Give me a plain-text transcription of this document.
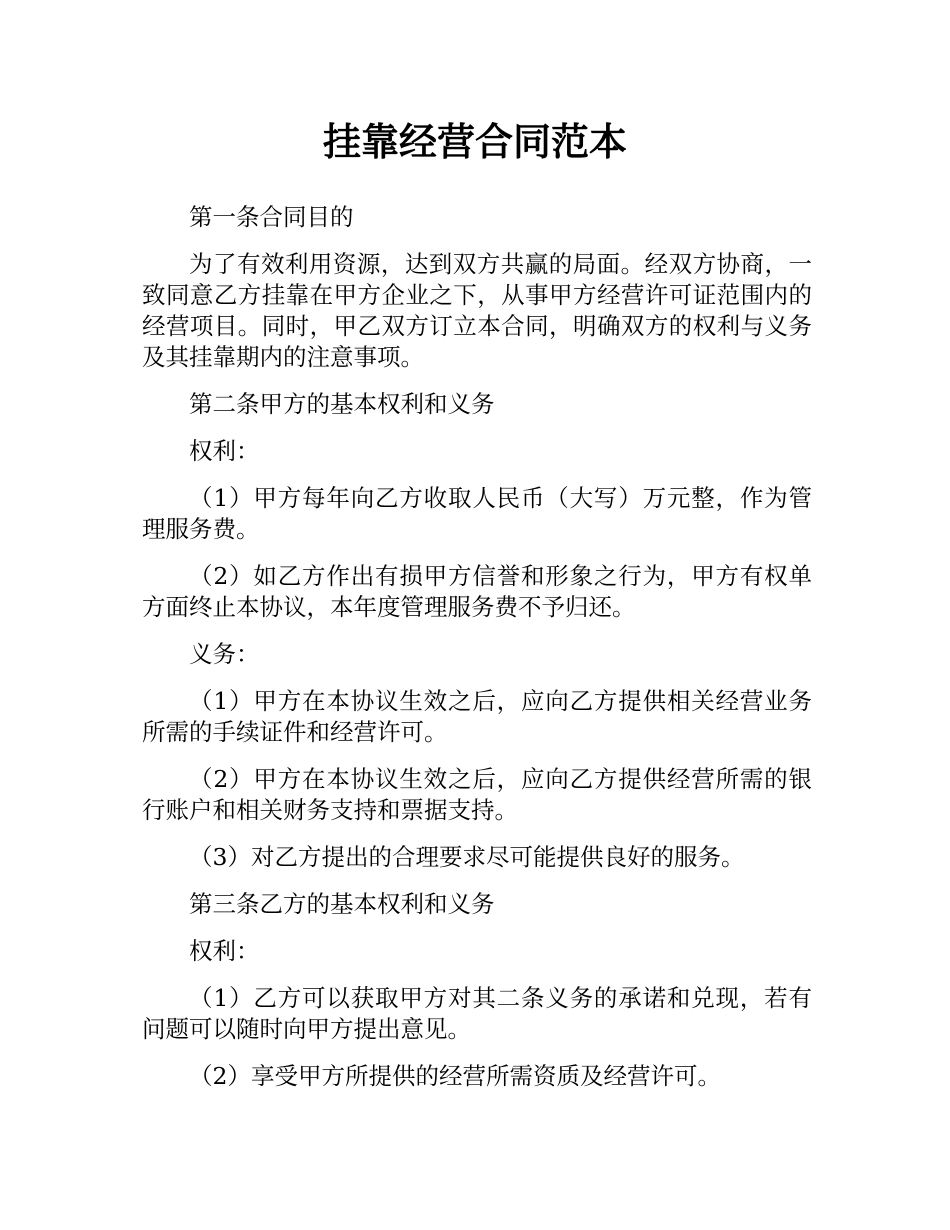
挂靠经营合同范本

第一条合同目的

为了有效利用资源，达到双方共赢的局面。经双方协商，一致同意乙方挂靠在甲方企业之下，从事甲方经营许可证范围内的经营项目。同时，甲乙双方订立本合同，明确双方的权利与义务及其挂靠期内的注意事项。

第二条甲方的基本权利和义务

权利：

（1）甲方每年向乙方收取人民币（大写）万元整，作为管理服务费。

（2）如乙方作出有损甲方信誉和形象之行为，甲方有权单方面终止本协议，本年度管理服务费不予归还。

义务：

（1）甲方在本协议生效之后，应向乙方提供相关经营业务所需的手续证件和经营许可。

（2）甲方在本协议生效之后，应向乙方提供经营所需的银行账户和相关财务支持和票据支持。

（3）对乙方提出的合理要求尽可能提供良好的服务。

第三条乙方的基本权利和义务

权利：

（1）乙方可以获取甲方对其二条义务的承诺和兑现，若有问题可以随时向甲方提出意见。

（2）享受甲方所提供的经营所需资质及经营许可。
